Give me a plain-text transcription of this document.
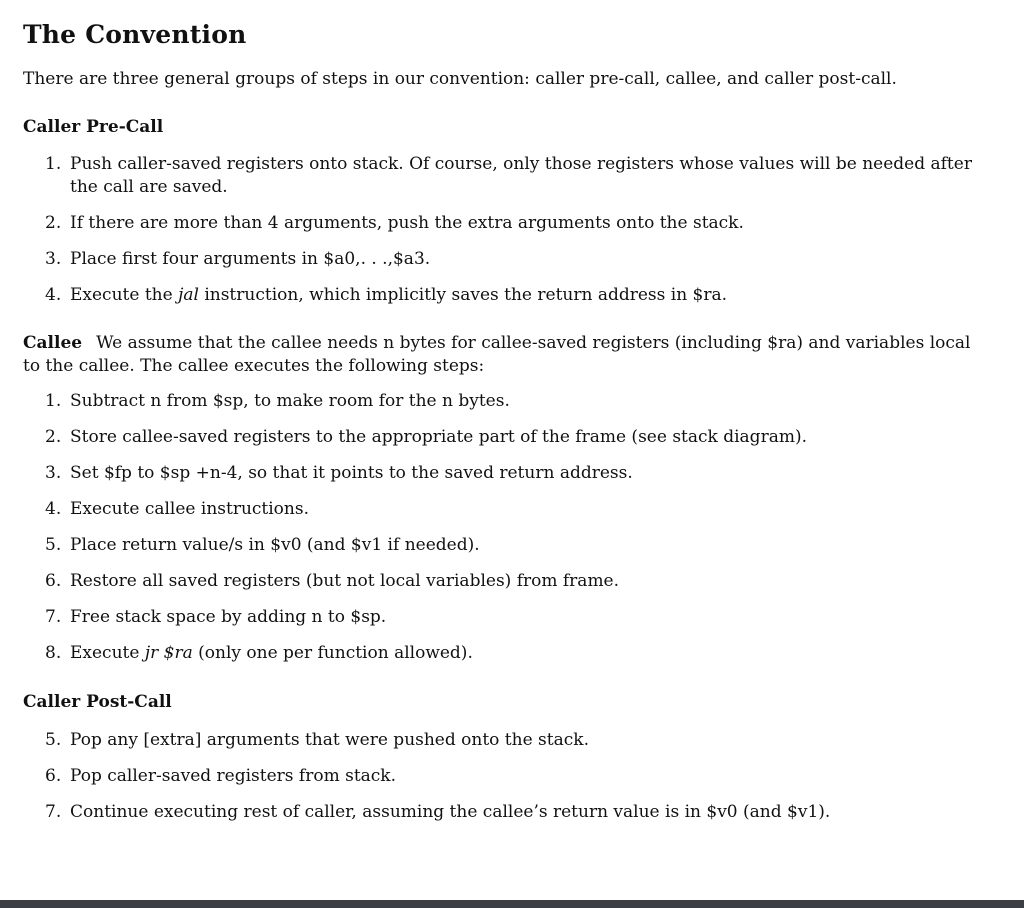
The Convention

There are three general groups of steps in our convention: caller pre-call, callee, and caller post-call.

Caller Pre-Call
1. Push caller-saved registers onto stack. Of course, only those registers whose values will be needed after the call are saved.
2. If there are more than 4 arguments, push the extra arguments onto the stack.
3. Place first four arguments in $a0,. . .,$a3.
4. Execute the jal instruction, which implicitly saves the return address in $ra.

Callee We assume that the callee needs n bytes for callee-saved registers (including $ra) and variables local to the callee. The callee executes the following steps:

1. Subtract n from $sp, to make room for the n bytes.
2. Store callee-saved registers to the appropriate part of the frame (see stack diagram).
3. Set $fp to $sp +n-4, so that it points to the saved return address.
4. Execute callee instructions.
5. Place return value/s in $v0 (and $v1 if needed).
6. Restore all saved registers (but not local variables) from frame.
7. Free stack space by adding n to $sp.
8. Execute jr $ra (only one per function allowed).
Caller Post-Call
5. Pop any [extra] arguments that were pushed onto the stack.
6. Pop caller-saved registers from stack.
7. Continue executing rest of caller, assuming the callee’s return value is in $v0 (and $v1).
